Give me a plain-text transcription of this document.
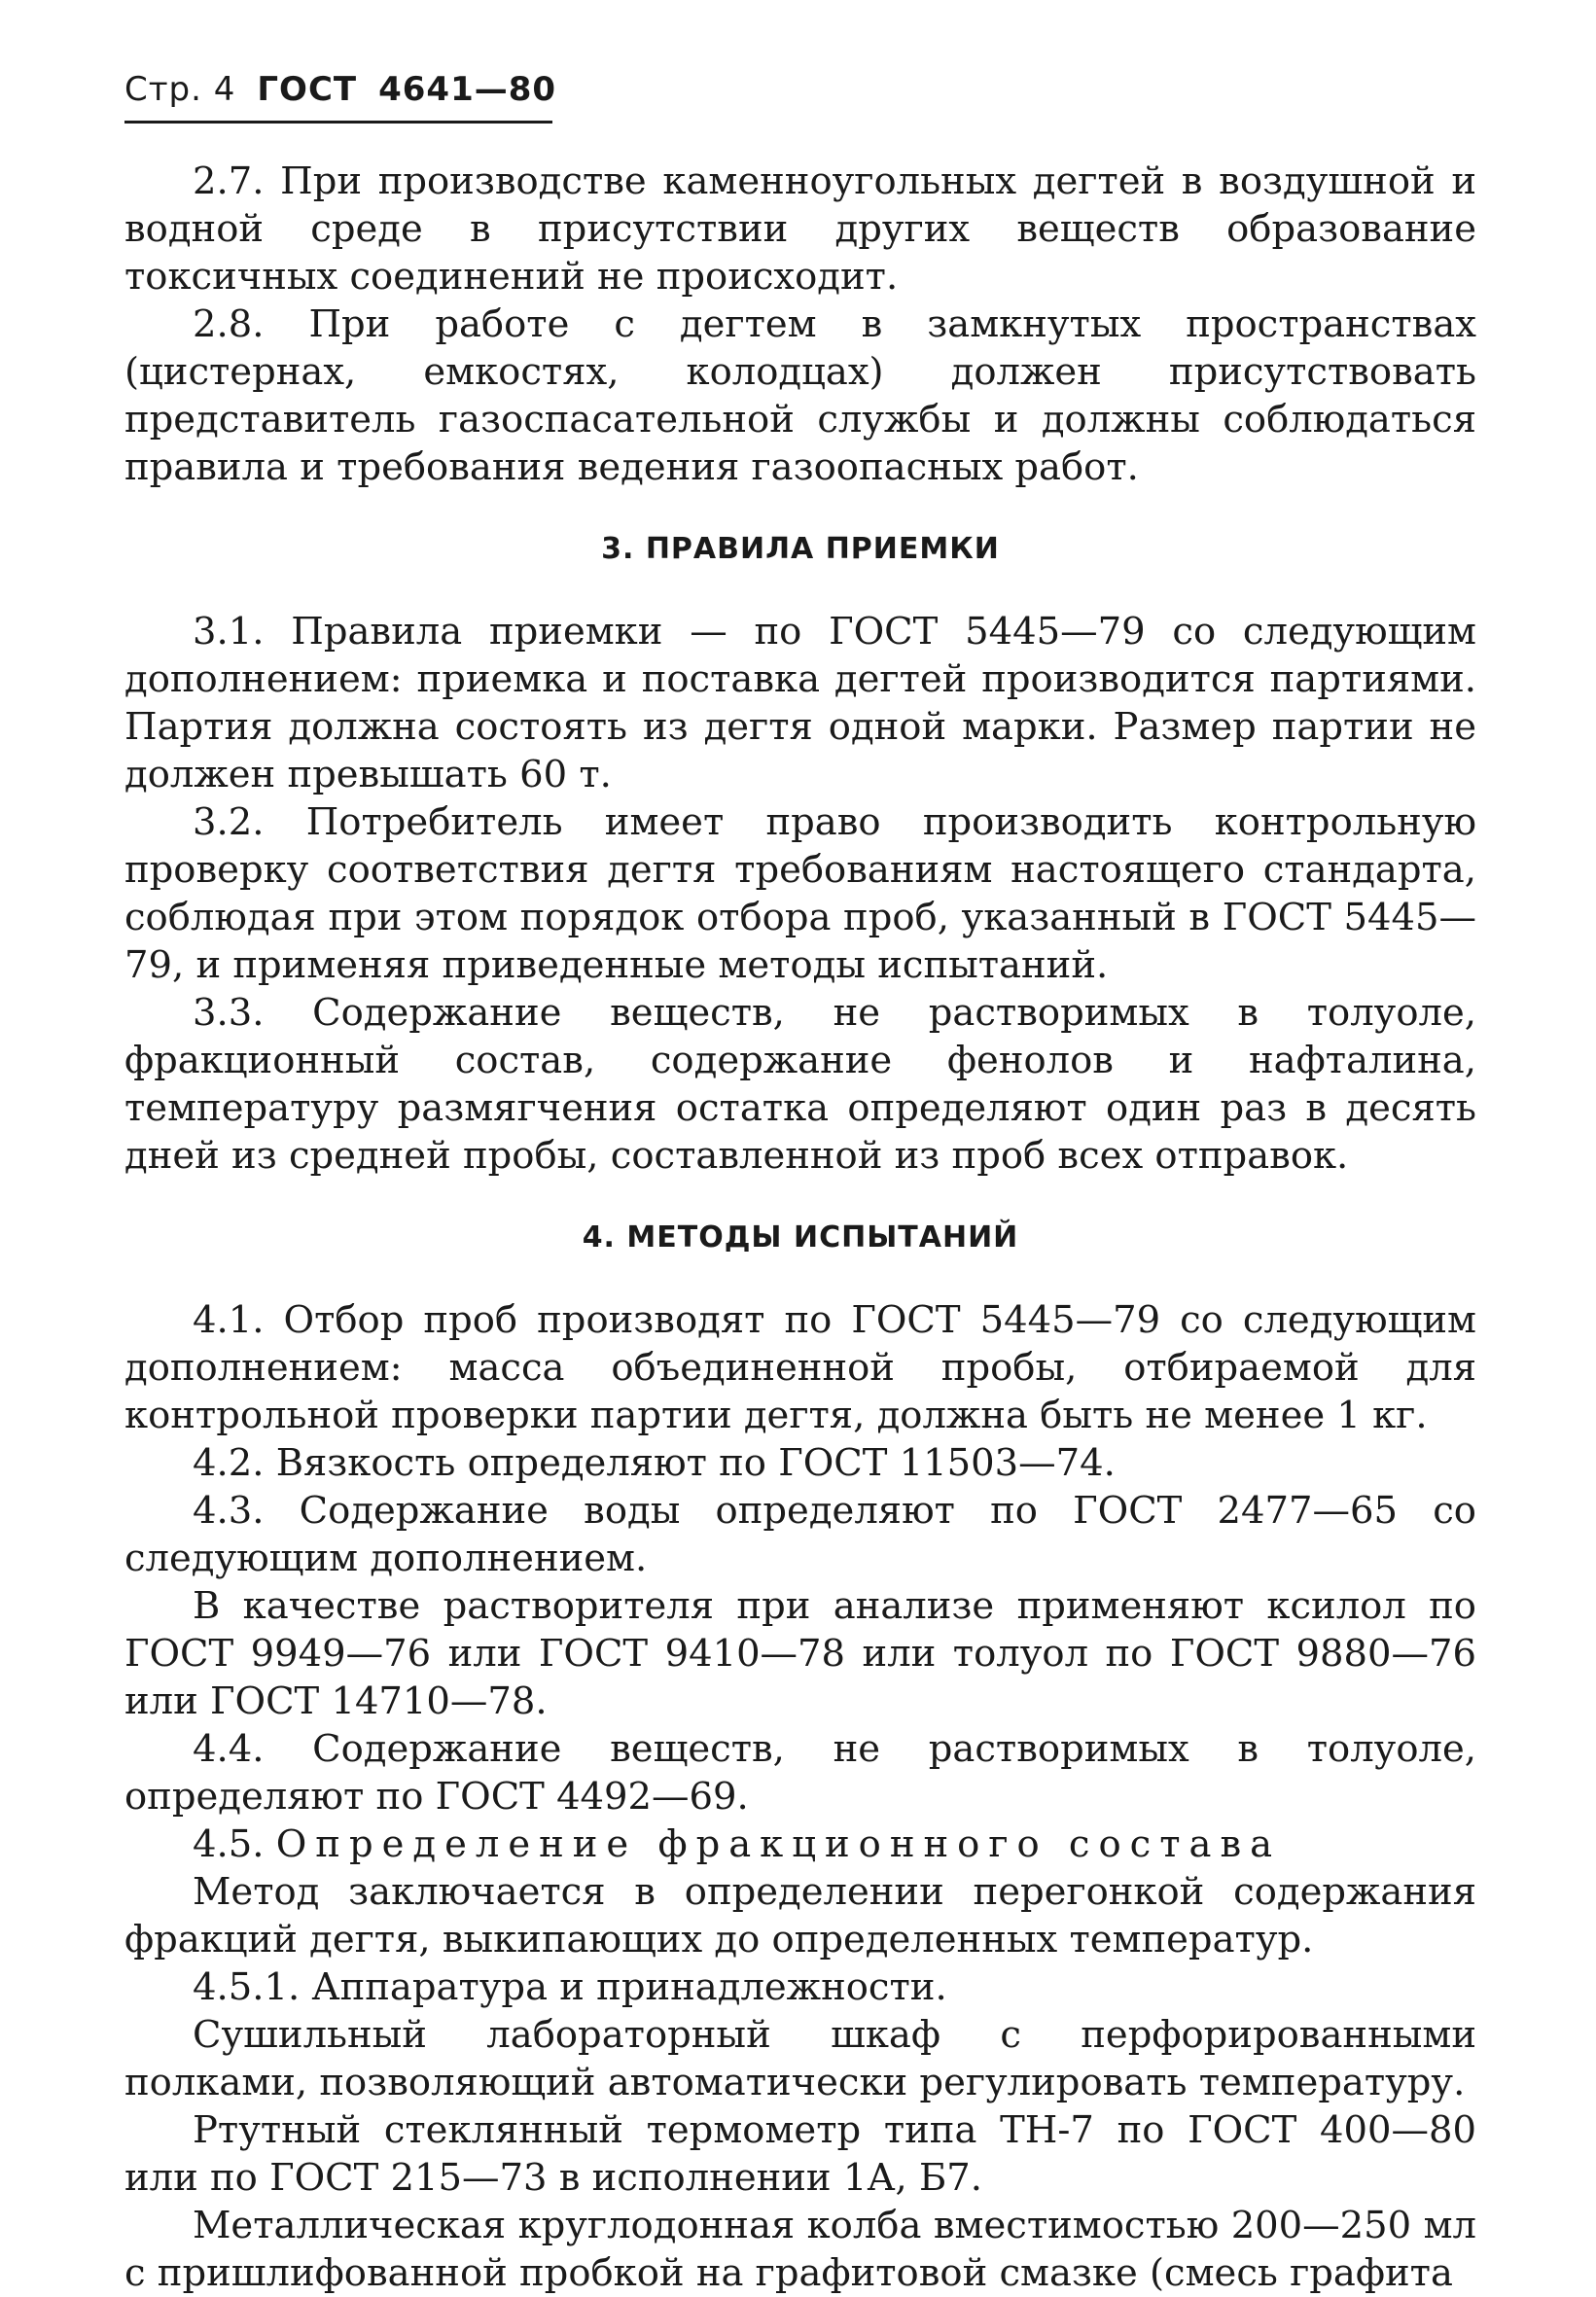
Стр. 4 ГОСТ 4641—80

2.7. При производстве каменноугольных дегтей в воздушной и водной среде в присутствии других веществ образование токсичных соединений не происходит.

2.8. При работе с дегтем в замкнутых пространствах (цистернах, емкостях, колодцах) должен присутствовать представитель газоспасательной службы и должны соблюдаться правила и требования ведения газоопасных работ.

3. ПРАВИЛА ПРИЕМКИ

3.1. Правила приемки — по ГОСТ 5445—79 со следующим дополнением: приемка и поставка дегтей производится партиями. Партия должна состоять из дегтя одной марки. Размер партии не должен превышать 60 т.

3.2. Потребитель имеет право производить контрольную проверку соответствия дегтя требованиям настоящего стандарта, соблюдая при этом порядок отбора проб, указанный в ГОСТ 5445—79, и применяя приведенные методы испытаний.

3.3. Содержание веществ, не растворимых в толуоле, фракционный состав, содержание фенолов и нафталина, температуру размягчения остатка определяют один раз в десять дней из средней пробы, составленной из проб всех отправок.

4. МЕТОДЫ ИСПЫТАНИЙ

4.1. Отбор проб производят по ГОСТ 5445—79 со следующим дополнением: масса объединенной пробы, отбираемой для контрольной проверки партии дегтя, должна быть не менее 1 кг.

4.2. Вязкость определяют по ГОСТ 11503—74.

4.3. Содержание воды определяют по ГОСТ 2477—65 со следующим дополнением.

В качестве растворителя при анализе применяют ксилол по ГОСТ 9949—76 или ГОСТ 9410—78 или толуол по ГОСТ 9880—76 или ГОСТ 14710—78.

4.4. Содержание веществ, не растворимых в толуоле, определяют по ГОСТ 4492—69.

4.5. Определение фракционного состава

Метод заключается в определении перегонкой содержания фракций дегтя, выкипающих до определенных температур.

4.5.1. Аппаратура и принадлежности.

Сушильный лабораторный шкаф с перфорированными полками, позволяющий автоматически регулировать температуру.

Ртутный стеклянный термометр типа ТН-7 по ГОСТ 400—80 или по ГОСТ 215—73 в исполнении 1А, Б7.

Металлическая круглодонная колба вместимостью 200—250 мл с пришлифованной пробкой на графитовой смазке (смесь графита
